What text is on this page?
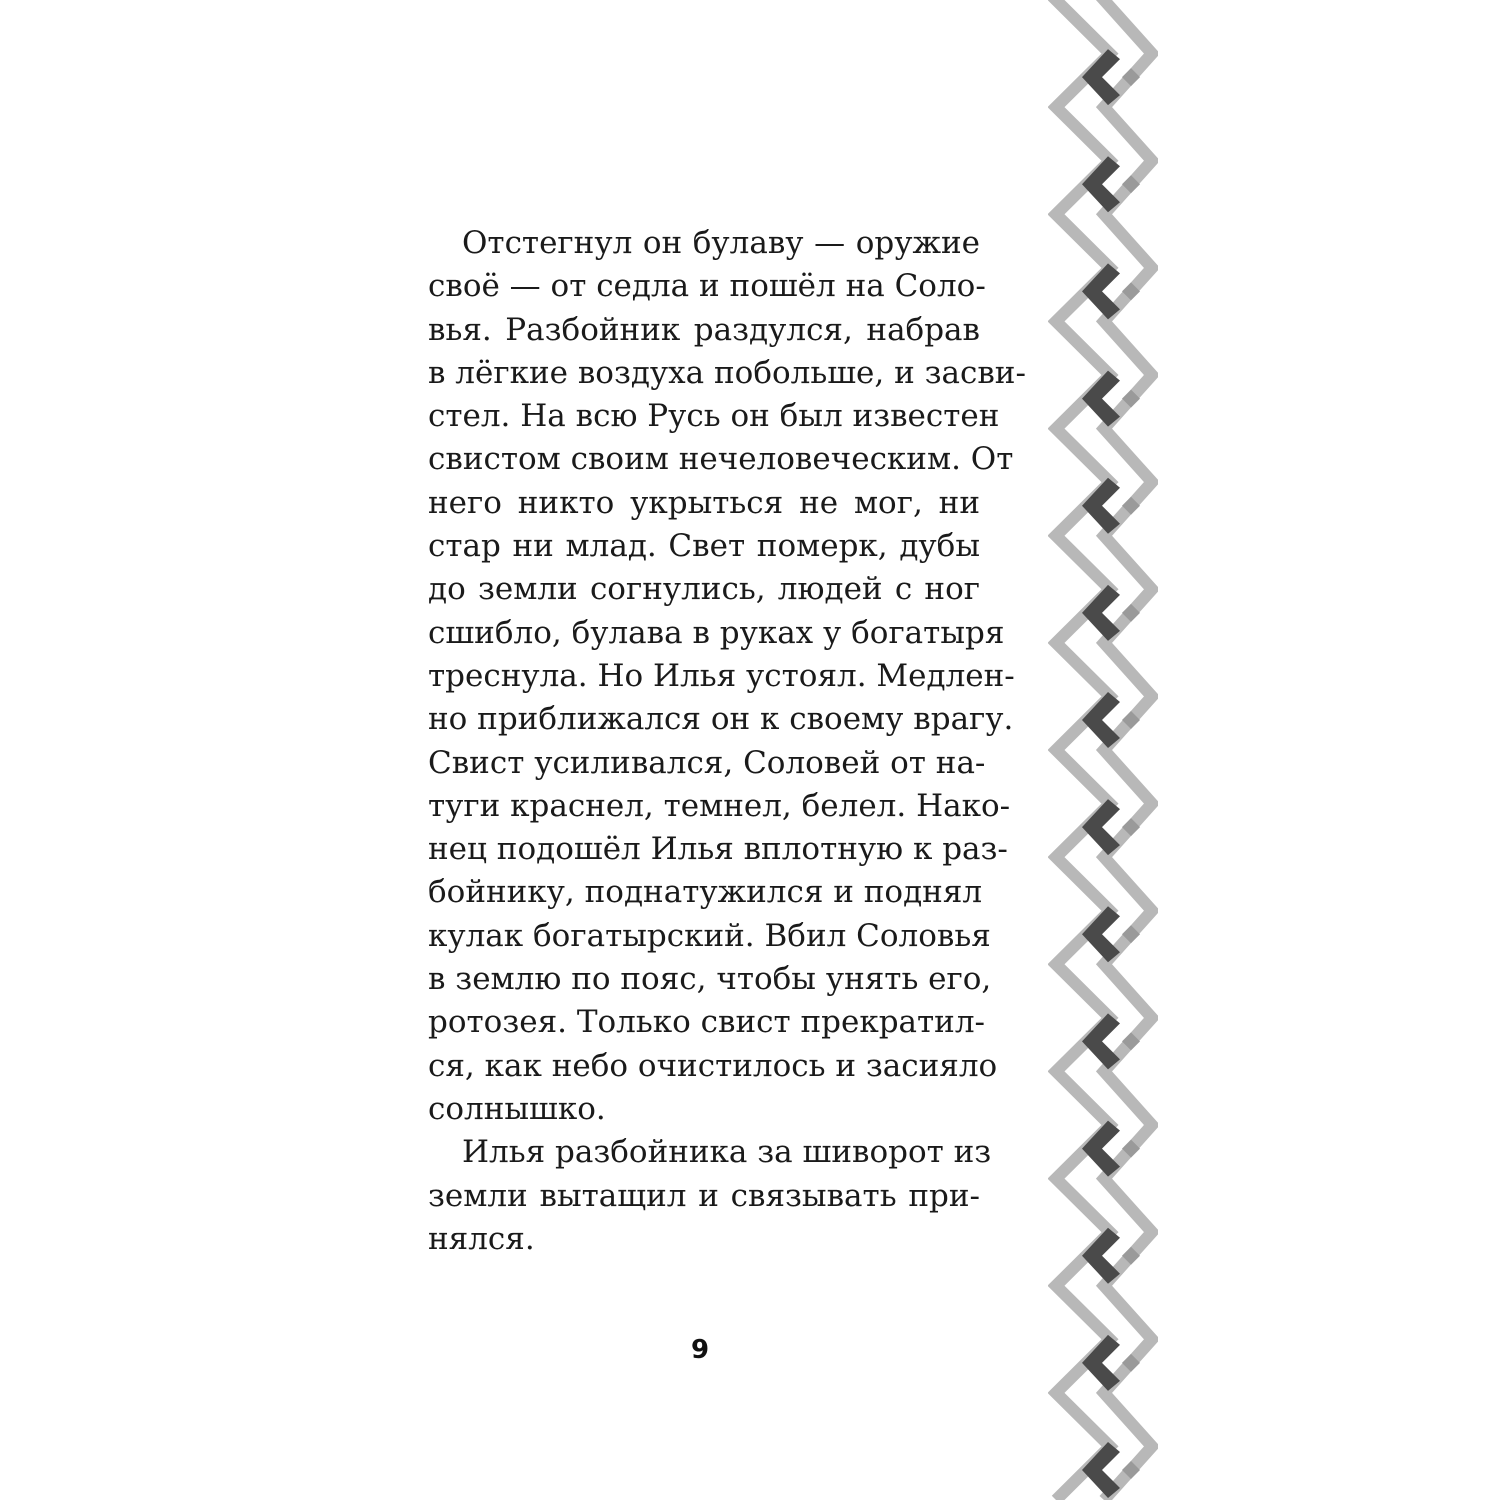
Отстегнул он булаву — оружие
своё — от седла и пошёл на Соло-
вья. Разбойник раздулся, набрав
в лёгкие воздуха побольше, и засви-
стел. На всю Русь он был известен
свистом своим нечеловеческим. От
него никто укрыться не мог, ни
стар ни млад. Свет померк, дубы
до земли согнулись, людей с ног
сшибло, булава в руках у богатыря
треснула. Но Илья устоял. Медлен-
но приближался он к своему врагу.
Свист усиливался, Соловей от на-
туги краснел, темнел, белел. Нако-
нец подошёл Илья вплотную к раз-
бойнику, поднатужился и поднял
кулак богатырский. Вбил Соловья
в землю по пояс, чтобы унять его,
ротозея. Только свист прекратил-
ся, как небо очистилось и засияло
солнышко.

Илья разбойника за шиворот из
земли вытащил и связывать при-
нялся.

9
